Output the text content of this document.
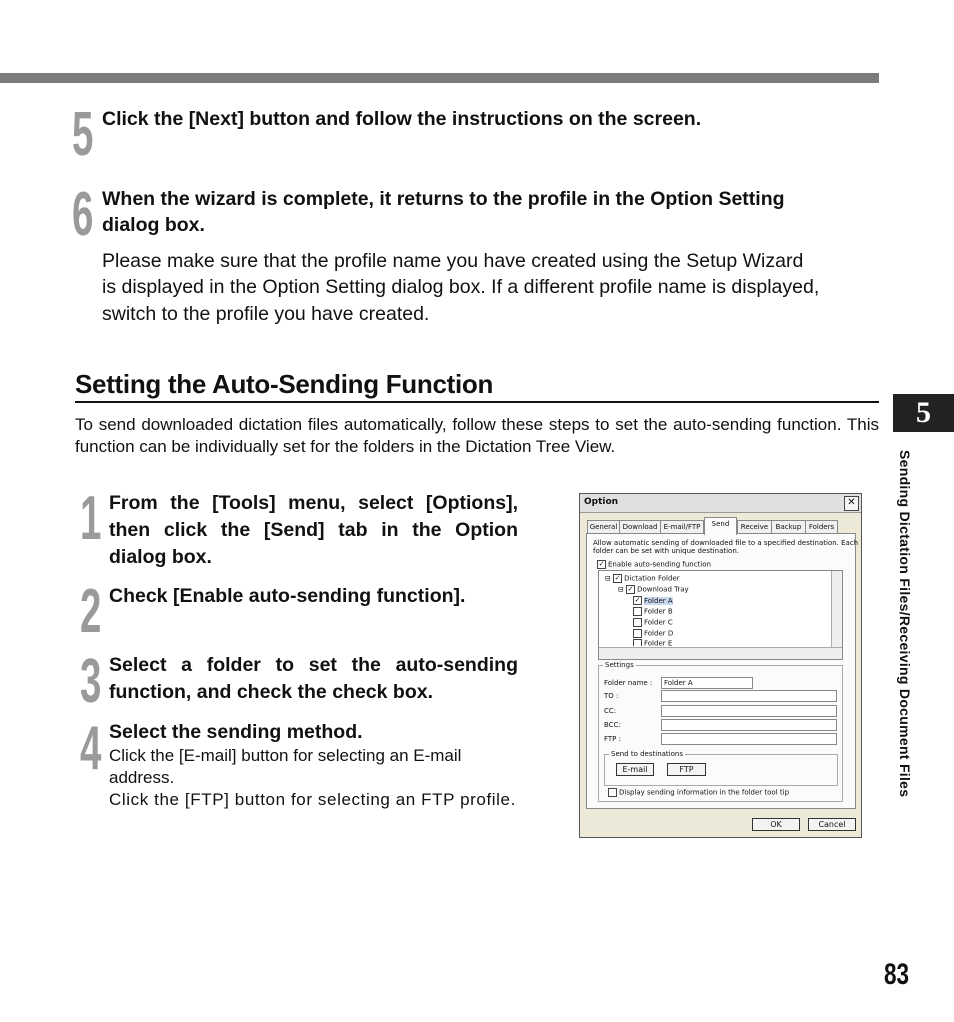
5 Click the [Next] button and follow the instructions on the screen.
6 When the wizard is complete, it returns to the profile in the Option Setting
dialog box.
Please make sure that the profile name you have created using the Setup Wizard
is displayed in the Option Setting dialog box. If a different profile name is displayed,
switch to the profile you have created.
Setting the Auto-Sending Function
To send downloaded dictation files automatically, follow these steps to set the auto-sending function. This function can be individually set for the folders in the Dictation Tree View.
1 From the [Tools] menu, select [Options],
then click the [Send] tab in the Option
dialog box.
2 Check [Enable auto-sending function].
3 Select a folder to set the auto-sending
function, and check the check box.
4 Select the sending method.
Click the [E-mail] button for selecting an E-mail address.
Click the [FTP] button for selecting an FTP profile.
Option	✕
General Download E-mail/FTP	Send	Receive	Backup	Folders
Allow automatic sending of downloaded file to a specified destination. Each
folder can be set with unique destination.
✓ Enable auto-sending function
⊟ ✓ Dictation Folder
⊟ ✓ Download Tray
✓ Folder A
Folder B
Folder C
Folder D
Folder E
Settings
Folder name : Folder A
TO :
CC:
BCC:
FTP :
Send to destinations
E-mail	FTP
Display sending information in the folder tool tip
OK	Cancel
5
Sending Dictation Files/Receiving Document Files
83
